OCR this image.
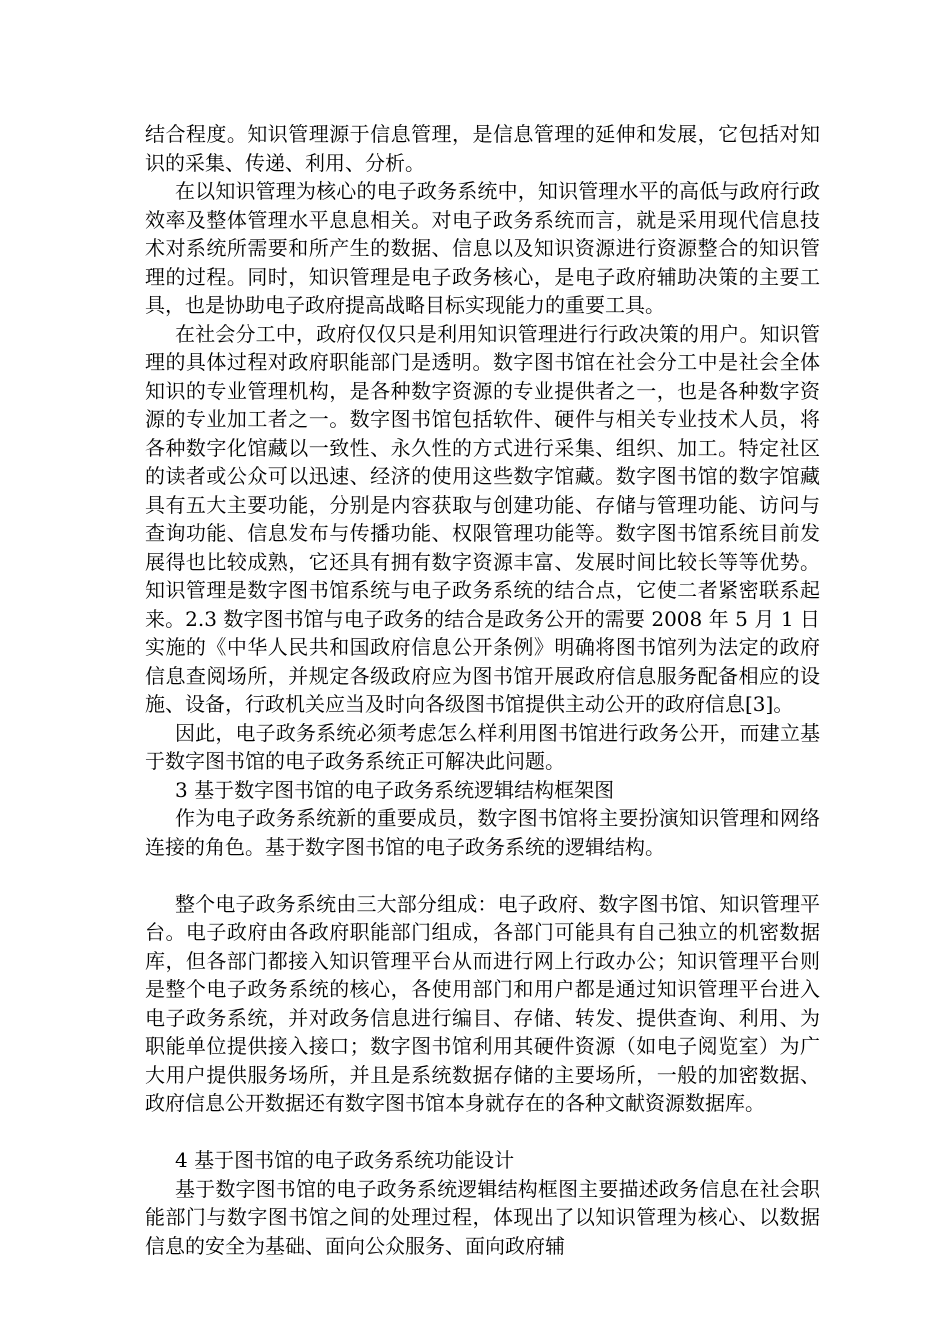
结合程度。知识管理源于信息管理，是信息管理的延伸和发展，它包括对知识的采集、传递、利用、分析。

在以知识管理为核心的电子政务系统中，知识管理水平的高低与政府行政效率及整体管理水平息息相关。对电子政务系统而言，就是采用现代信息技术对系统所需要和所产生的数据、信息以及知识资源进行资源整合的知识管理的过程。同时，知识管理是电子政务核心，是电子政府辅助决策的主要工具，也是协助电子政府提高战略目标实现能力的重要工具。

在社会分工中，政府仅仅只是利用知识管理进行行政决策的用户。知识管理的具体过程对政府职能部门是透明。数字图书馆在社会分工中是社会全体知识的专业管理机构，是各种数字资源的专业提供者之一，也是各种数字资源的专业加工者之一。数字图书馆包括软件、硬件与相关专业技术人员，将各种数字化馆藏以一致性、永久性的方式进行采集、组织、加工。特定社区的读者或公众可以迅速、经济的使用这些数字馆藏。数字图书馆的数字馆藏具有五大主要功能，分别是内容获取与创建功能、存储与管理功能、访问与查询功能、信息发布与传播功能、权限管理功能等。数字图书馆系统目前发展得也比较成熟，它还具有拥有数字资源丰富、发展时间比较长等等优势。知识管理是数字图书馆系统与电子政务系统的结合点，它使二者紧密联系起来。2.3 数字图书馆与电子政务的结合是政务公开的需要 2008 年 5 月 1 日实施的《中华人民共和国政府信息公开条例》明确将图书馆列为法定的政府信息查阅场所，并规定各级政府应为图书馆开展政府信息服务配备相应的设施、设备，行政机关应当及时向各级图书馆提供主动公开的政府信息[3]。

因此，电子政务系统必须考虑怎么样利用图书馆进行政务公开，而建立基于数字图书馆的电子政务系统正可解决此问题。

3 基于数字图书馆的电子政务系统逻辑结构框架图

作为电子政务系统新的重要成员，数字图书馆将主要扮演知识管理和网络连接的角色。基于数字图书馆的电子政务系统的逻辑结构。

整个电子政务系统由三大部分组成：电子政府、数字图书馆、知识管理平台。电子政府由各政府职能部门组成，各部门可能具有自己独立的机密数据库，但各部门都接入知识管理平台从而进行网上行政办公；知识管理平台则是整个电子政务系统的核心，各使用部门和用户都是通过知识管理平台进入电子政务系统，并对政务信息进行编目、存储、转发、提供查询、利用、为职能单位提供接入接口；数字图书馆利用其硬件资源（如电子阅览室）为广大用户提供服务场所，并且是系统数据存储的主要场所，一般的加密数据、政府信息公开数据还有数字图书馆本身就存在的各种文献资源数据库。

4 基于图书馆的电子政务系统功能设计

基于数字图书馆的电子政务系统逻辑结构框图主要描述政务信息在社会职能部门与数字图书馆之间的处理过程，体现出了以知识管理为核心、以数据信息的安全为基础、面向公众服务、面向政府辅
